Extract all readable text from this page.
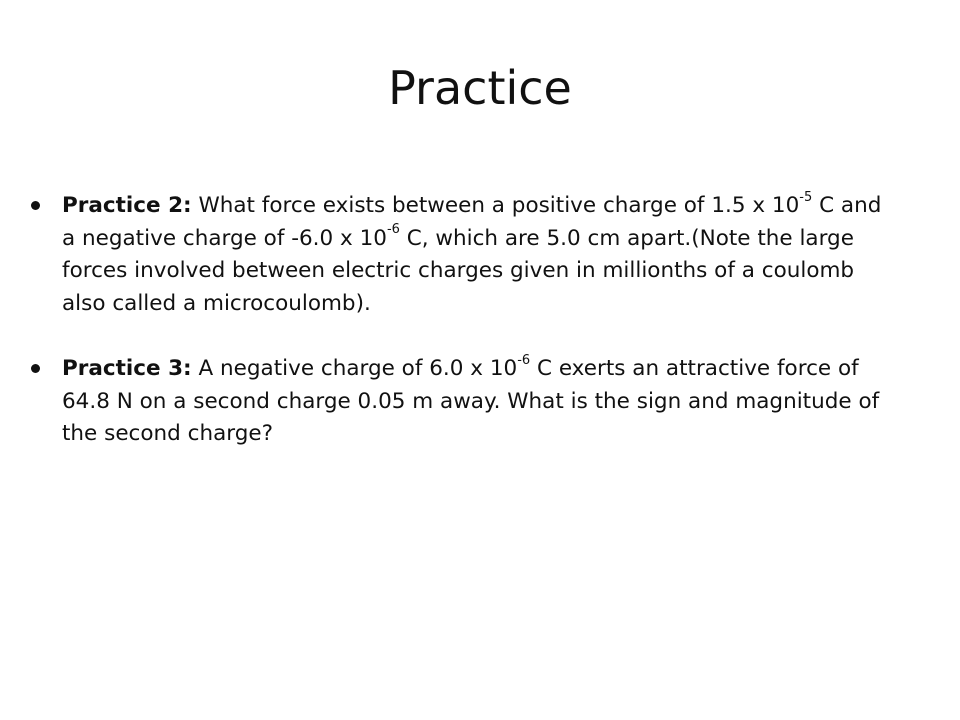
Practice
Practice 2: What force exists between a positive charge of 1.5 x $10^{-5}$ C and a negative charge of -6.0 x $10^{-6}$ C, which are 5.0 cm apart.(Note the large forces involved between electric charges given in millionths of a coulomb also called a microcoulomb).
Practice 3: A negative charge of 6.0 x $10^{-6}$ C exerts an attractive force of 64.8 N on a second charge 0.05 m away. What is the sign and magnitude of the second charge?
